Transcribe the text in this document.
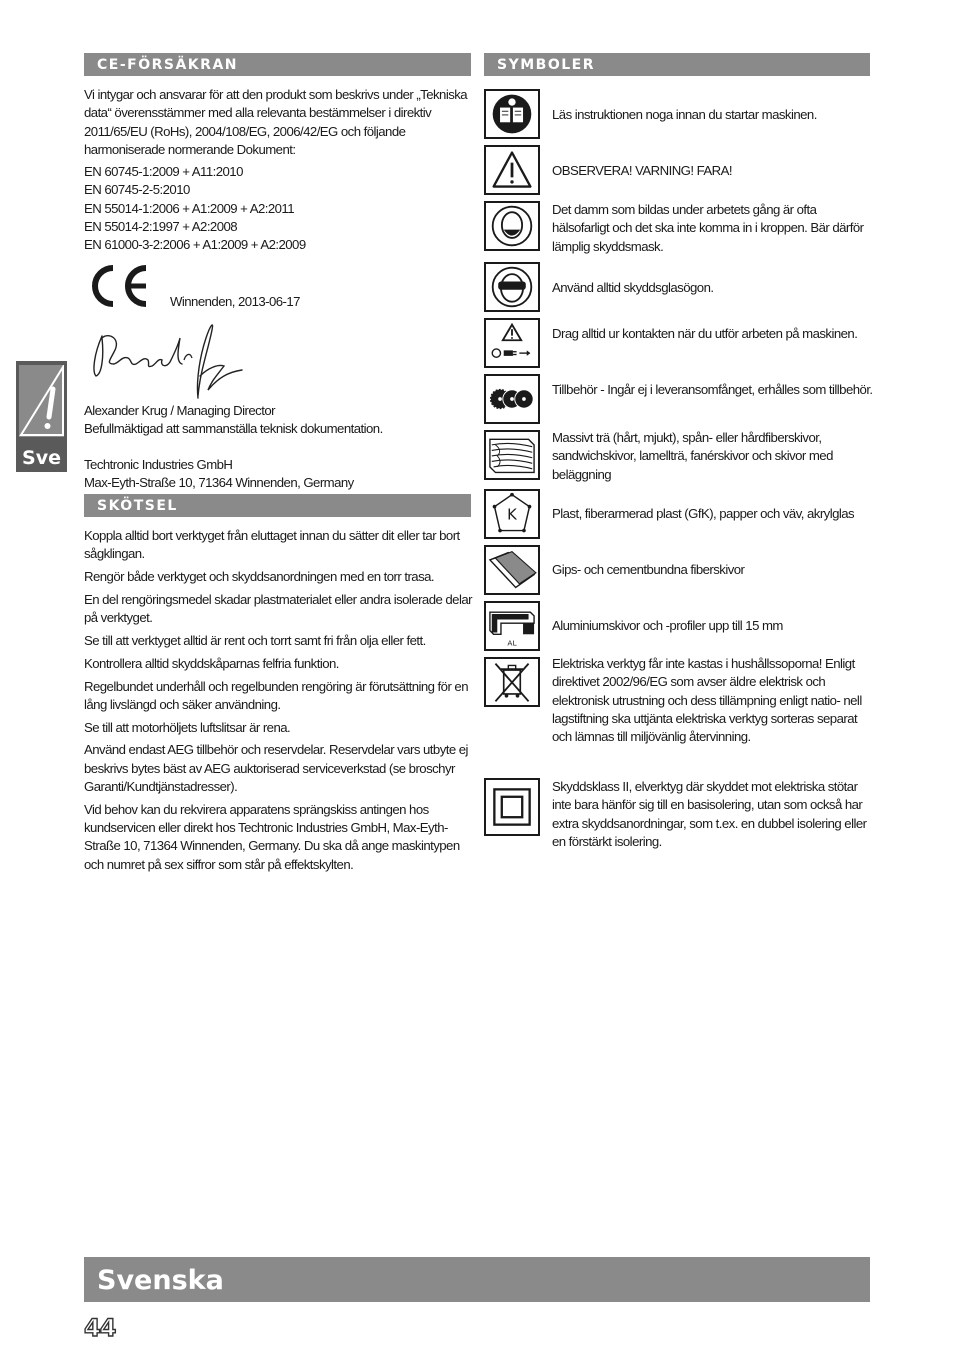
CE-FÖRSÄKRAN

Vi intygar och ansvarar för att den produkt som beskrivs under „Tekniska data“ överensstämmer med alla relevanta bestämmelser i direktiv 2011/65/EU (RoHs), 2004/108/EG, 2006/42/EG och följande harmoniserade normerande Dokument:

EN 60745-1:2009 + A11:2010
EN 60745-2-5:2010
EN 55014-1:2006 + A1:2009 + A2:2011
EN 55014-2:1997 + A2:2008
EN 61000-3-2:2006 + A1:2009 + A2:2009
Winnenden, 2013-06-17
Alexander Krug / Managing Director
Befullmäktigad att sammanställa teknisk dokumentation.
Techtronic Industries GmbH
Max-Eyth-Straße 10, 71364 Winnenden, Germany
SKÖTSEL

Koppla alltid bort verktyget från eluttaget innan du sätter dit eller tar bort sågklingan.

Rengör både verktyget och skyddsanordningen med en torr trasa.

En del rengöringsmedel skadar plastmaterialet eller andra isolerade delar på verktyget.

Se till att verktyget alltid är rent och torrt samt fri från olja eller fett.

Kontrollera alltid skyddskåparnas felfria funktion.

Regelbundet underhåll och regelbunden rengöring är förutsättning för en lång livslängd och säker användning.

Se till att motorhöljets luftslitsar är rena.

Använd endast AEG tillbehör och reservdelar. Reservdelar vars utbyte ej beskrivs bytes bäst av AEG auktoriserad serviceverkstad (se broschyr Garanti/Kundtjänstadresser).

Vid behov kan du rekvirera apparatens sprängskiss antingen hos kundservicen eller direkt hos Techtronic Industries GmbH, Max-Eyth-Straße 10, 71364 Winnenden, Germany. Du ska då ange maskintypen och numret på sex siffror som står på effektskylten.

SYMBOLER
Läs instruktionen noga innan du startar maskinen.
OBSERVERA! VARNING! FARA!
Det damm som bildas under arbetets gång är ofta hälsofarligt och det ska inte komma in i kroppen. Bär därför lämplig skyddsmask.
Använd alltid skyddsglasögon.
Drag alltid ur kontakten när du utför arbeten på maskinen.
Tillbehör - Ingår ej i leveransomfånget, erhålles som tillbehör.
Massivt trä (hårt, mjukt), spån- eller hårdfiberskivor, sandwichskivor, lamellträ, fanérskivor och skivor med beläggning
K	Plast, fiberarmerad plast (GfK), papper och väv, akrylglas
Gips- och cementbundna fiberskivor
AL
Aluminiumskivor och -profiler upp till 15 mm
Elektriska verktyg får inte kastas i hushållssoporna! Enligt direktivet 2002/96/EG som avser äldre elektrisk och elektronisk utrustning och dess tillämpning enligt natio- nell lagstiftning ska uttjänta elektriska verktyg sorteras separat och lämnas till miljövänlig återvinning.
Skyddsklass II, elverktyg där skyddet mot elektriska stötar inte bara hänför sig till en basisolering, utan som också har extra skyddsanordningar, som t.ex. en dubbel isolering eller en förstärkt isolering.
Sve
Svenska
44
